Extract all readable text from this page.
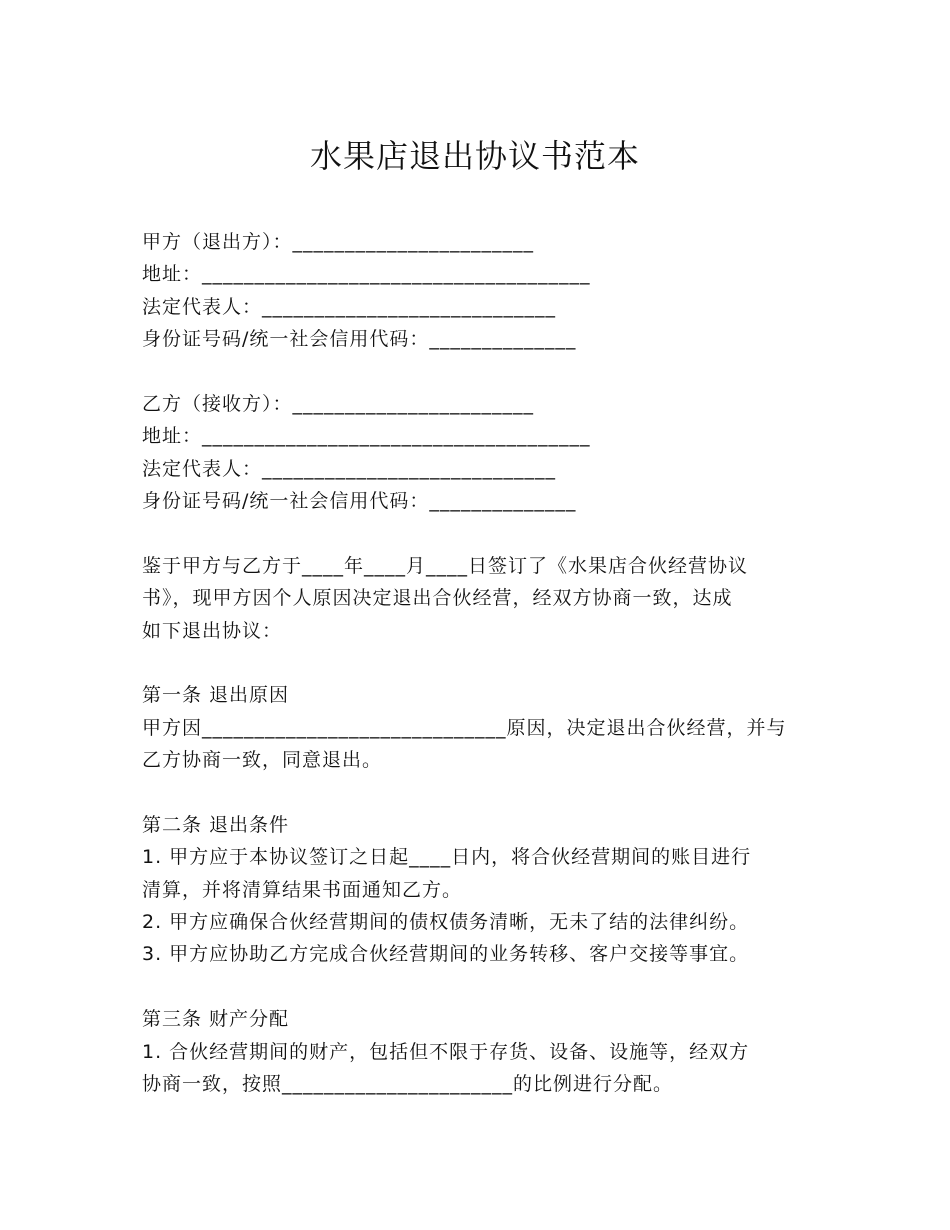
水果店退出协议书范本
甲方（退出方）：_______________________
地址：_____________________________________
法定代表人：____________________________
身份证号码/统一社会信用代码：______________
乙方（接收方）：_______________________
地址：_____________________________________
法定代表人：____________________________
身份证号码/统一社会信用代码：______________
鉴于甲方与乙方于____年____月____日签订了《水果店合伙经营协议
书》，现甲方因个人原因决定退出合伙经营，经双方协商一致，达成
如下退出协议：
第一条 退出原因
甲方因_____________________________原因，决定退出合伙经营，并与
乙方协商一致，同意退出。
第二条 退出条件
1. 甲方应于本协议签订之日起____日内，将合伙经营期间的账目进行
清算，并将清算结果书面通知乙方。
2. 甲方应确保合伙经营期间的债权债务清晰，无未了结的法律纠纷。
3. 甲方应协助乙方完成合伙经营期间的业务转移、客户交接等事宜。
第三条 财产分配
1. 合伙经营期间的财产，包括但不限于存货、设备、设施等，经双方
协商一致，按照______________________的比例进行分配。
